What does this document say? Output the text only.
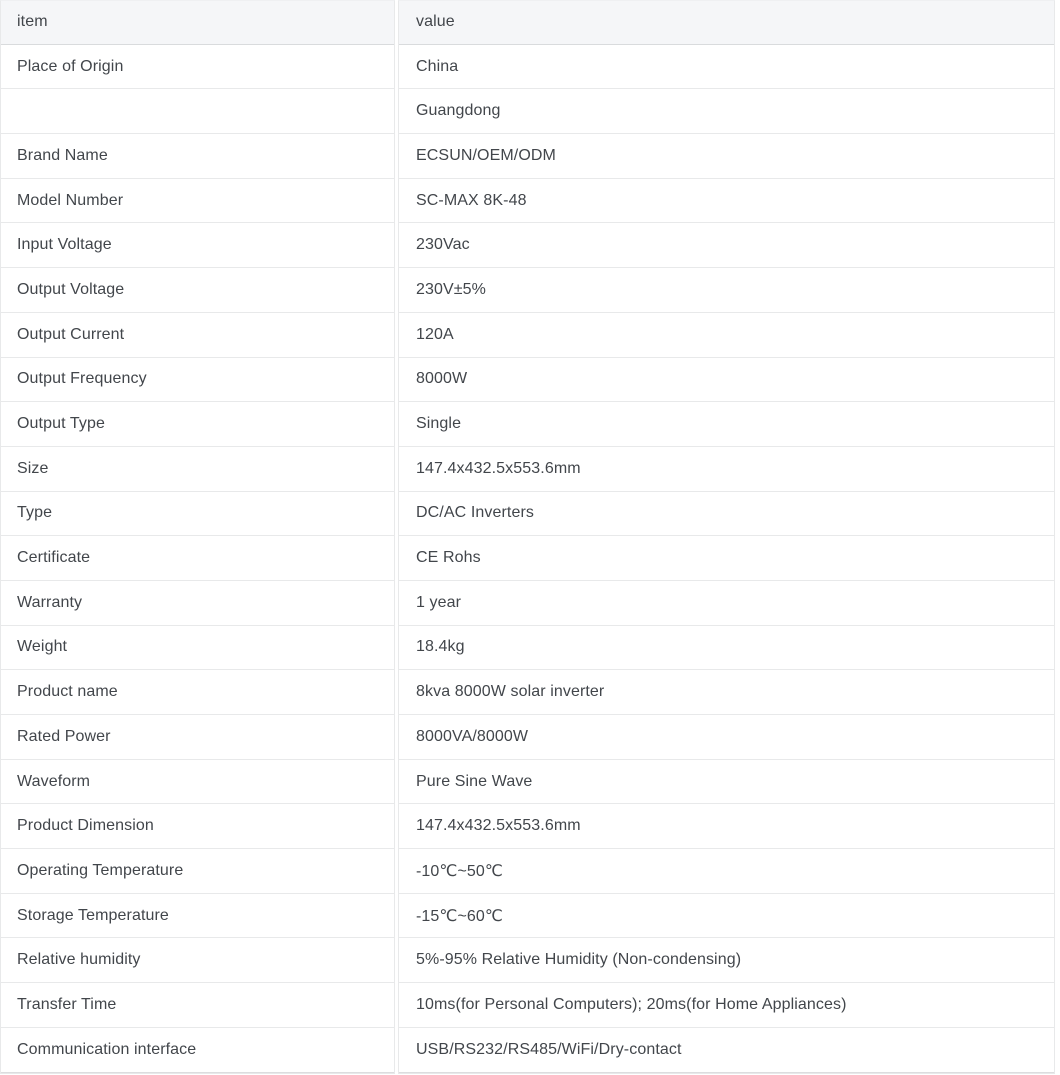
item
Place of Origin
Brand Name
Model Number
Input Voltage
Output Voltage
Output Current
Output Frequency
Output Type
Size
Type
Certificate
Warranty
Weight
Product name
Rated Power
Waveform
Product Dimension
Operating Temperature
Storage Temperature
Relative humidity
Transfer Time
Communication interface
value
China
Guangdong
ECSUN/OEM/ODM
SC-MAX 8K-48
230Vac
230V±5%
120A
8000W
Single
147.4x432.5x553.6mm
DC/AC Inverters
CE Rohs
1 year
18.4kg
8kva 8000W solar inverter
8000VA/8000W
Pure Sine Wave
147.4x432.5x553.6mm
-10℃~50℃
-15℃~60℃
5%-95% Relative Humidity (Non-condensing)
10ms(for Personal Computers); 20ms(for Home Appliances)
USB/RS232/RS485/WiFi/Dry-contact
